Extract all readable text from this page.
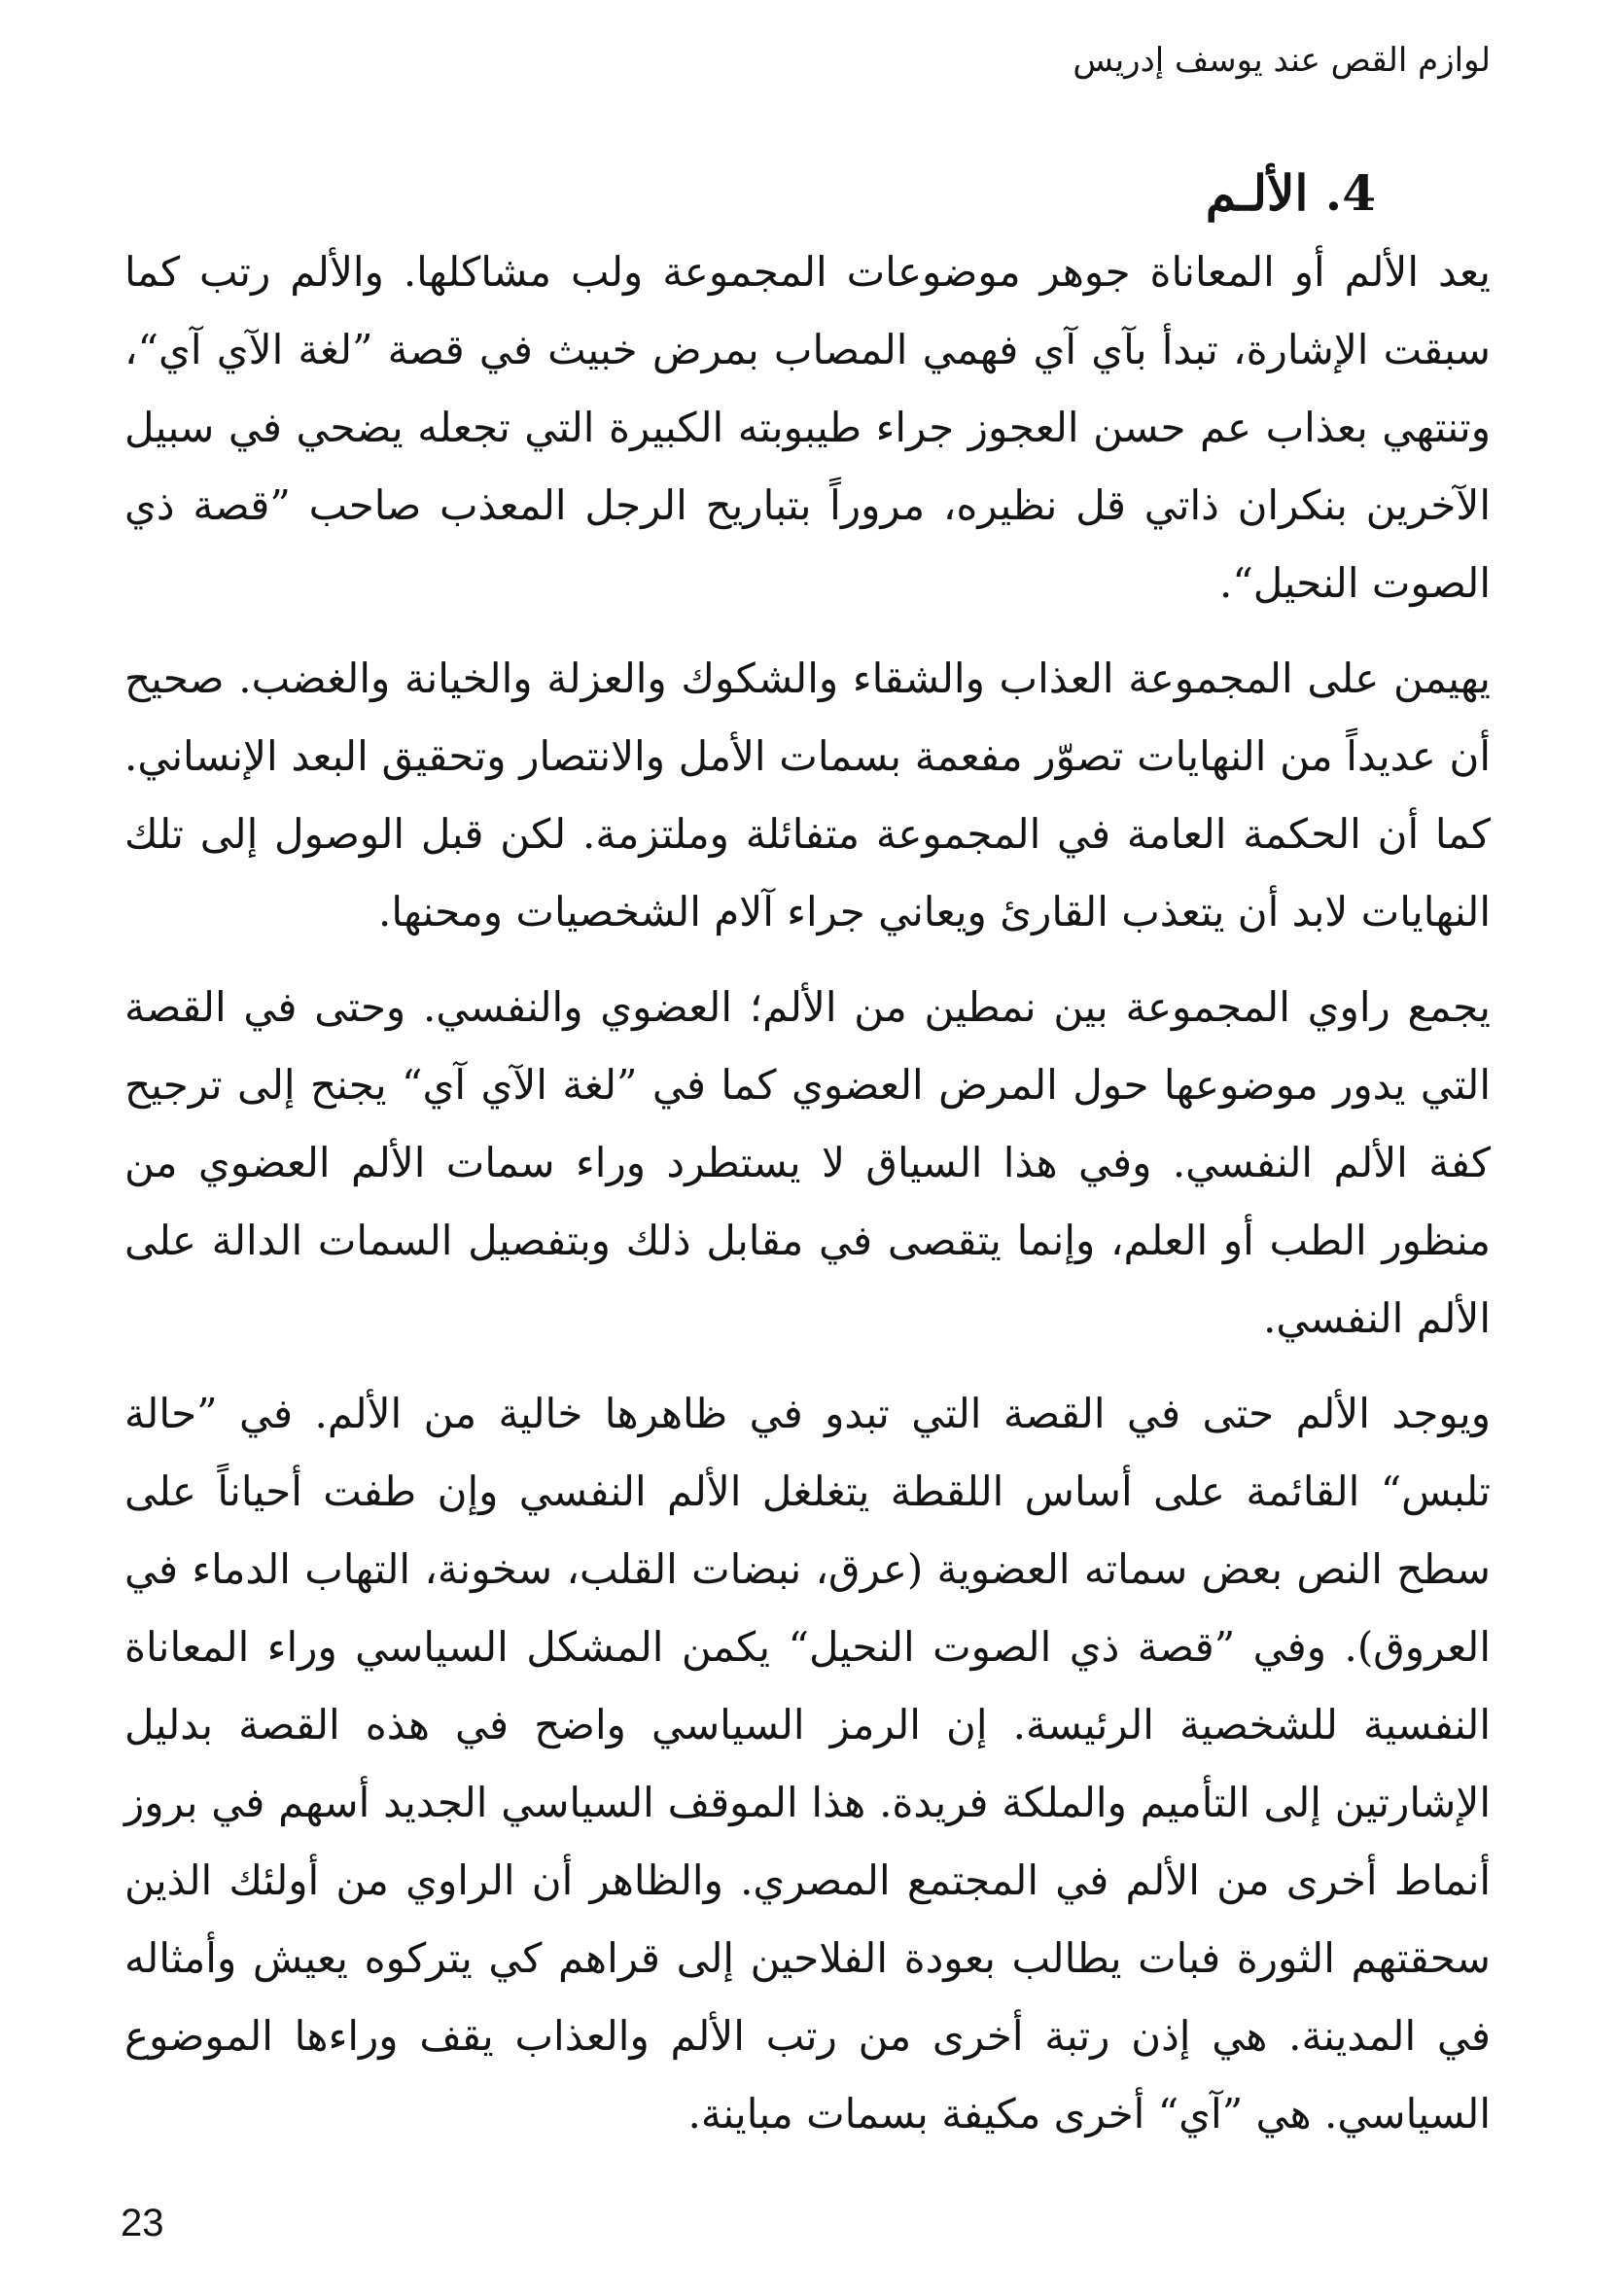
لوازم القص عند يوسف إدريس
4. الألـم

يعد الألم أو المعاناة جوهر موضوعات المجموعة ولب مشاكلها. والألم رتب كما سبقت الإشارة، تبدأ بآي آي فهمي المصاب بمرض خبيث في قصة ”لغة الآي آي“، وتنتهي بعذاب عم حسن العجوز جراء طيبوبته الكبيرة التي تجعله يضحي في سبيل الآخرين بنكران ذاتي قل نظيره، مروراً بتباريح الرجل المعذب صاحب ”قصة ذي الصوت النحيل“.

يهيمن على المجموعة العذاب والشقاء والشكوك والعزلة والخيانة والغضب. صحيح أن عديداً من النهايات تصوّر مفعمة بسمات الأمل والانتصار وتحقيق البعد الإنساني. كما أن الحكمة العامة في المجموعة متفائلة وملتزمة. لكن قبل الوصول إلى تلك النهايات لابد أن يتعذب القارئ ويعاني جراء آلام الشخصيات ومحنها.

يجمع راوي المجموعة بين نمطين من الألم؛ العضوي والنفسي. وحتى في القصة التي يدور موضوعها حول المرض العضوي كما في ”لغة الآي آي“ يجنح إلى ترجيح كفة الألم النفسي. وفي هذا السياق لا يستطرد وراء سمات الألم العضوي من منظور الطب أو العلم، وإنما يتقصى في مقابل ذلك وبتفصيل السمات الدالة على الألم النفسي.

ويوجد الألم حتى في القصة التي تبدو في ظاهرها خالية من الألم. في ”حالة تلبس“ القائمة على أساس اللقطة يتغلغل الألم النفسي وإن طفت أحياناً على سطح النص بعض سماته العضوية (عرق، نبضات القلب، سخونة، التهاب الدماء في العروق). وفي ”قصة ذي الصوت النحيل“ يكمن المشكل السياسي وراء المعاناة النفسية للشخصية الرئيسة. إن الرمز السياسي واضح في هذه القصة بدليل الإشارتين إلى التأميم والملكة فريدة. هذا الموقف السياسي الجديد أسهم في بروز أنماط أخرى من الألم في المجتمع المصري. والظاهر أن الراوي من أولئك الذين سحقتهم الثورة فبات يطالب بعودة الفلاحين إلى قراهم كي يتركوه يعيش وأمثاله في المدينة. هي إذن رتبة أخرى من رتب الألم والعذاب يقف وراءها الموضوع السياسي. هي ”آي“ أخرى مكيفة بسمات مباينة.

23
